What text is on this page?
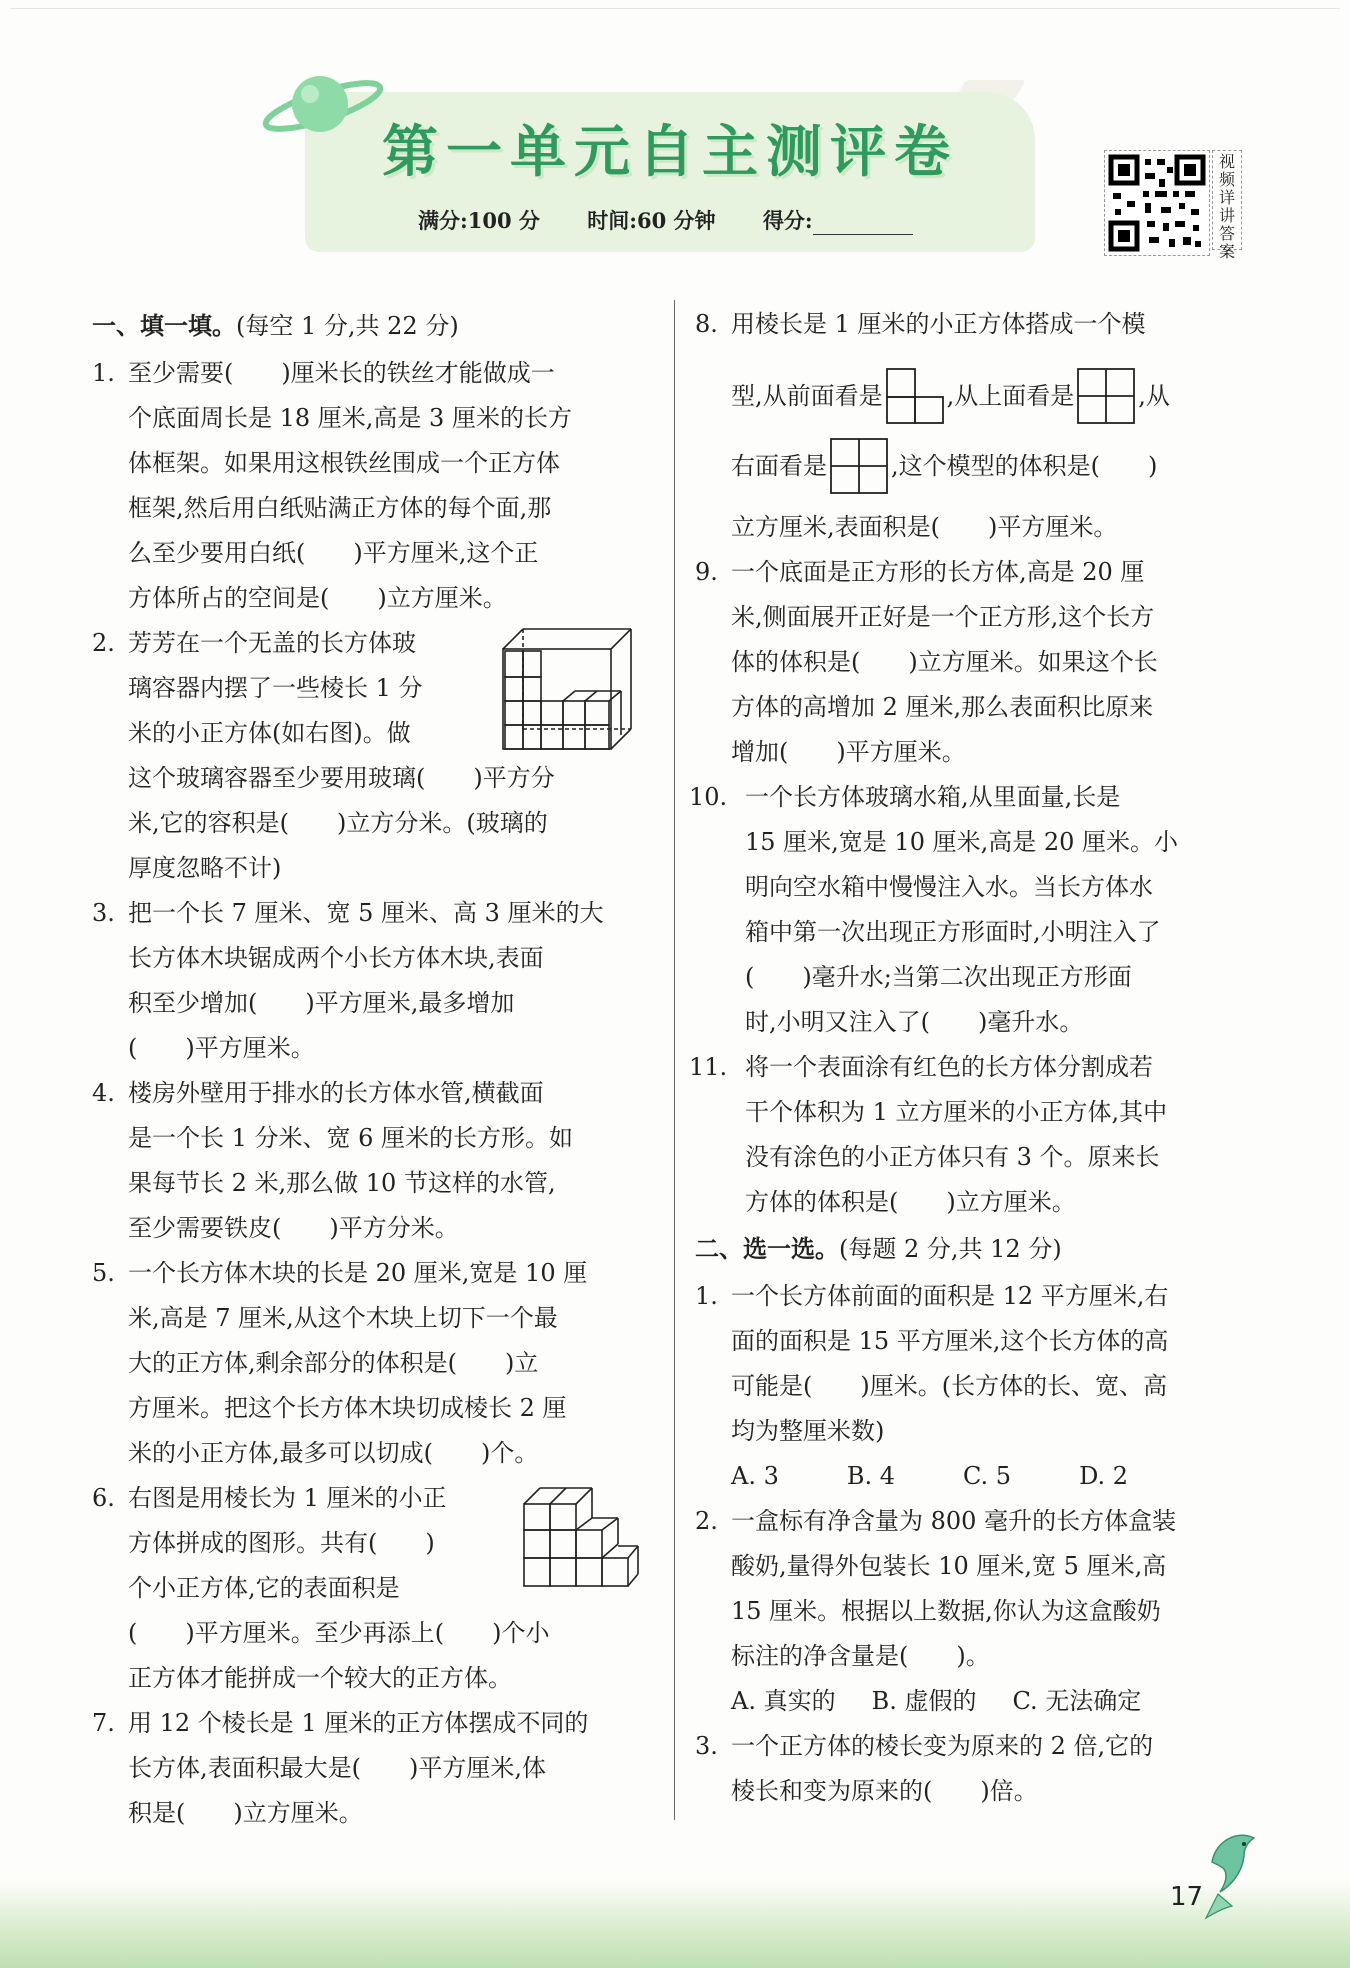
第一单元自主测评卷
满分:100 分 时间:60 分钟 得分:
视频详讲答案
一、填一填。(每空 1 分,共 22 分)
1. 至少需要(　　)厘米长的铁丝才能做成一

个底面周长是 18 厘米,高是 3 厘米的长方

体框架。如果用这根铁丝围成一个正方体

框架,然后用白纸贴满正方体的每个面,那

么至少要用白纸(　　)平方厘米,这个正

方体所占的空间是(　　)立方厘米。

2. 芳芳在一个无盖的长方体玻

璃容器内摆了一些棱长 1 分

米的小正方体(如右图)。做

这个玻璃容器至少要用玻璃(　　)平方分

米,它的容积是(　　)立方分米。(玻璃的

厚度忽略不计)

3. 把一个长 7 厘米、宽 5 厘米、高 3 厘米的大

长方体木块锯成两个小长方体木块,表面

积至少增加(　　)平方厘米,最多增加

(　　)平方厘米。

4. 楼房外壁用于排水的长方体水管,横截面

是一个长 1 分米、宽 6 厘米的长方形。如

果每节长 2 米,那么做 10 节这样的水管,

至少需要铁皮(　　)平方分米。

5. 一个长方体木块的长是 20 厘米,宽是 10 厘

米,高是 7 厘米,从这个木块上切下一个最

大的正方体,剩余部分的体积是(　　)立

方厘米。把这个长方体木块切成棱长 2 厘

米的小正方体,最多可以切成(　　)个。

6. 右图是用棱长为 1 厘米的小正

方体拼成的图形。共有(　　)

个小正方体,它的表面积是

(　　)平方厘米。至少再添上(　　)个小

正方体才能拼成一个较大的正方体。

7. 用 12 个棱长是 1 厘米的正方体摆成不同的

长方体,表面积最大是(　　)平方厘米,体

积是(　　)立方厘米。

8. 用棱长是 1 厘米的小正方体搭成一个模

型,从前面看是	,从上面看是	,从

右面看是	,这个模型的体积是(　　)

立方厘米,表面积是(　　)平方厘米。

9. 一个底面是正方形的长方体,高是 20 厘

米,侧面展开正好是一个正方形,这个长方

体的体积是(　　)立方厘米。如果这个长

方体的高增加 2 厘米,那么表面积比原来

增加(　　)平方厘米。

10. 一个长方体玻璃水箱,从里面量,长是

15 厘米,宽是 10 厘米,高是 20 厘米。小

明向空水箱中慢慢注入水。当长方体水

箱中第一次出现正方形面时,小明注入了

(　　)毫升水;当第二次出现正方形面

时,小明又注入了(　　)毫升水。

11. 将一个表面涂有红色的长方体分割成若

干个体积为 1 立方厘米的小正方体,其中

没有涂色的小正方体只有 3 个。原来长

方体的体积是(　　)立方厘米。

二、选一选。(每题 2 分,共 12 分)
1. 一个长方体前面的面积是 12 平方厘米,右

面的面积是 15 平方厘米,这个长方体的高

可能是(　　)厘米。(长方体的长、宽、高

均为整厘米数)

A. 3	B. 4	C. 5	D. 2
2. 一盒标有净含量为 800 毫升的长方体盒装

酸奶,量得外包装长 10 厘米,宽 5 厘米,高

15 厘米。根据以上数据,你认为这盒酸奶

标注的净含量是(　　)。

A. 真实的 B. 虚假的 C. 无法确定
3. 一个正方体的棱长变为原来的 2 倍,它的

棱长和变为原来的(　　)倍。

17
